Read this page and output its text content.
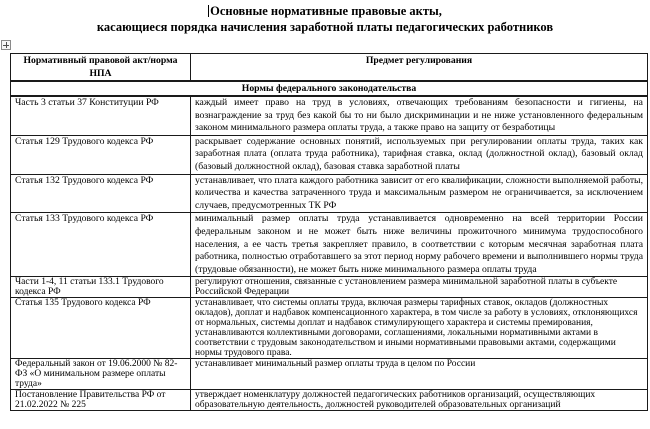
Основные нормативные правовые акты,
касающиеся порядка начисления заработной платы педагогических работников
Нормативный правовой акт/норма НПА	Предмет регулирования
Нормы федерального законодательства	
Часть 3 статьи 37 Конституции РФ	каждый имеет право на труд в условиях, отвечающих требованиям безопасности и гигиены, на вознаграждение за труд без какой бы то ни было дискриминации и не ниже установленного федеральным законом минимального размера оплаты труда, а также право на защиту от безработицы
Статья 129 Трудового кодекса РФ	раскрывает содержание основных понятий, используемых при регулировании оплаты труда, таких как заработная плата (оплата труда работника), тарифная ставка, оклад (должностной оклад), базовый оклад (базовый должностной оклад), базовая ставка заработной платы
Статья 132 Трудового кодекса РФ	устанавливает, что плата каждого работника зависит от его квалификации, сложности выполняемой работы, количества и качества затраченного труда и максимальным размером не ограничивается, за исключением случаев, предусмотренных ТК РФ
Статья 133 Трудового кодекса РФ	минимальный размер оплаты труда устанавливается одновременно на всей территории России федеральным законом и не может быть ниже величины прожиточного минимума трудоспособного населения, а ее часть третья закрепляет правило, в соответствии с которым месячная заработная плата работника, полностью отработавшего за этот период норму рабочего времени и выполнившего нормы труда (трудовые обязанности), не может быть ниже минимального размера оплаты труда
Части 1-4, 11 статьи 133.1 Трудового кодекса РФ	регулируют отношения, связанные с установлением размера минимальной заработной платы в субъекте Российской Федерации
Статья 135 Трудового кодекса РФ	устанавливает, что системы оплаты труда, включая размеры тарифных ставок, окладов (должностных окладов), доплат и надбавок компенсационного характера, в том числе за работу в условиях, отклоняющихся от нормальных, системы доплат и надбавок стимулирующего характера и системы премирования, устанавливаются коллективными договорами, соглашениями, локальными нормативными актами в соответствии с трудовым законодательством и иными нормативными правовыми актами, содержащими нормы трудового права.
Федеральный закон от 19.06.2000 № 82-ФЗ «О минимальном размере оплаты труда»	устанавливает минимальный размер оплаты труда в целом по России
Постановление Правительства РФ от 21.02.2022 № 225	утверждает номенклатуру должностей педагогических работников организаций, осуществляющих образовательную деятельность, должностей руководителей образовательных организаций
